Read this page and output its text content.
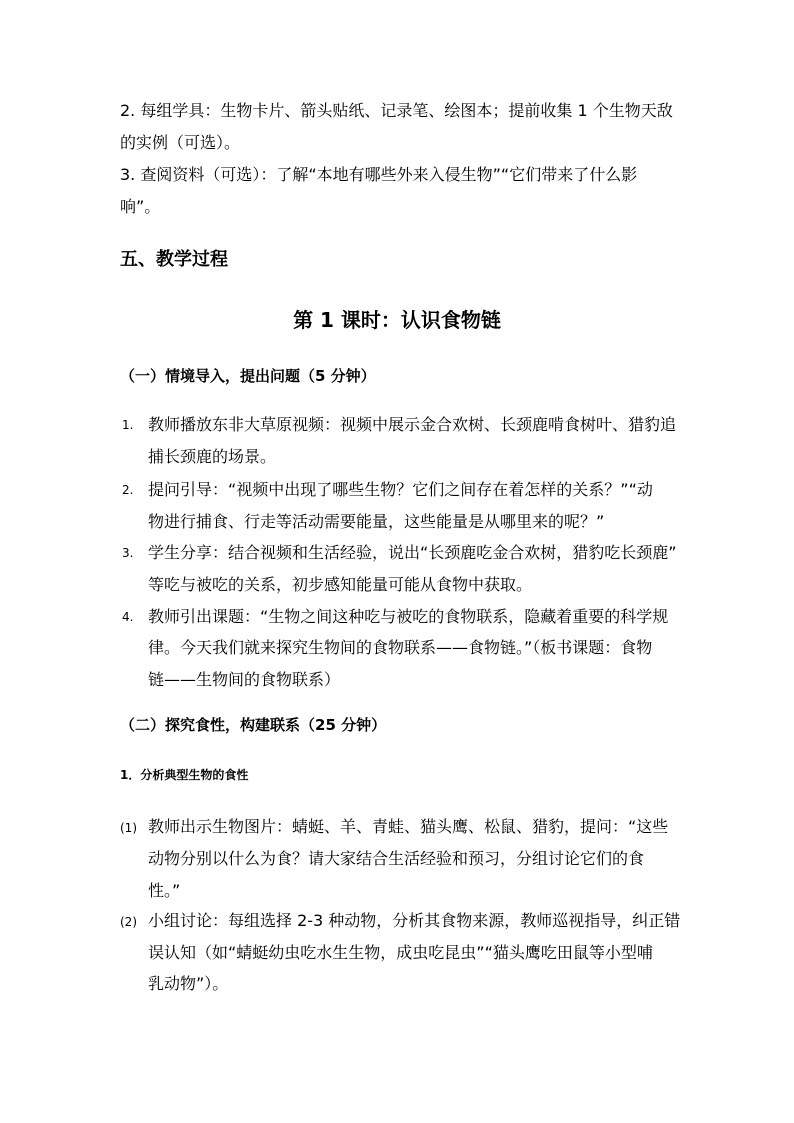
2. 每组学具：生物卡片、箭头贴纸、记录笔、绘图本；提前收集 1 个生物天敌
的实例（可选）。
3. 查阅资料（可选）：了解“本地有哪些外来入侵生物”“它们带来了什么影
响”。
五、教学过程
第 1 课时：认识食物链
（一）情境导入，提出问题（5 分钟）
1. 教师播放东非大草原视频：视频中展示金合欢树、长颈鹿啃食树叶、猎豹追
捕长颈鹿的场景。
2. 提问引导：“视频中出现了哪些生物？它们之间存在着怎样的关系？”“动
物进行捕食、行走等活动需要能量，这些能量是从哪里来的呢？”
3. 学生分享：结合视频和生活经验，说出“长颈鹿吃金合欢树，猎豹吃长颈鹿”
等吃与被吃的关系，初步感知能量可能从食物中获取。
4. 教师引出课题：“生物之间这种吃与被吃的食物联系，隐藏着重要的科学规
律。今天我们就来探究生物间的食物联系——食物链。”（板书课题：食物
链——生物间的食物联系）
（二）探究食性，构建联系（25 分钟）
1．分析典型生物的食性
(1) 教师出示生物图片：蜻蜓、羊、青蛙、猫头鹰、松鼠、猎豹，提问：“这些
动物分别以什么为食？请大家结合生活经验和预习，分组讨论它们的食
性。”
(2) 小组讨论：每组选择 2-3 种动物，分析其食物来源，教师巡视指导，纠正错
误认知（如“蜻蜓幼虫吃水生生物，成虫吃昆虫”“猫头鹰吃田鼠等小型哺
乳动物”）。
